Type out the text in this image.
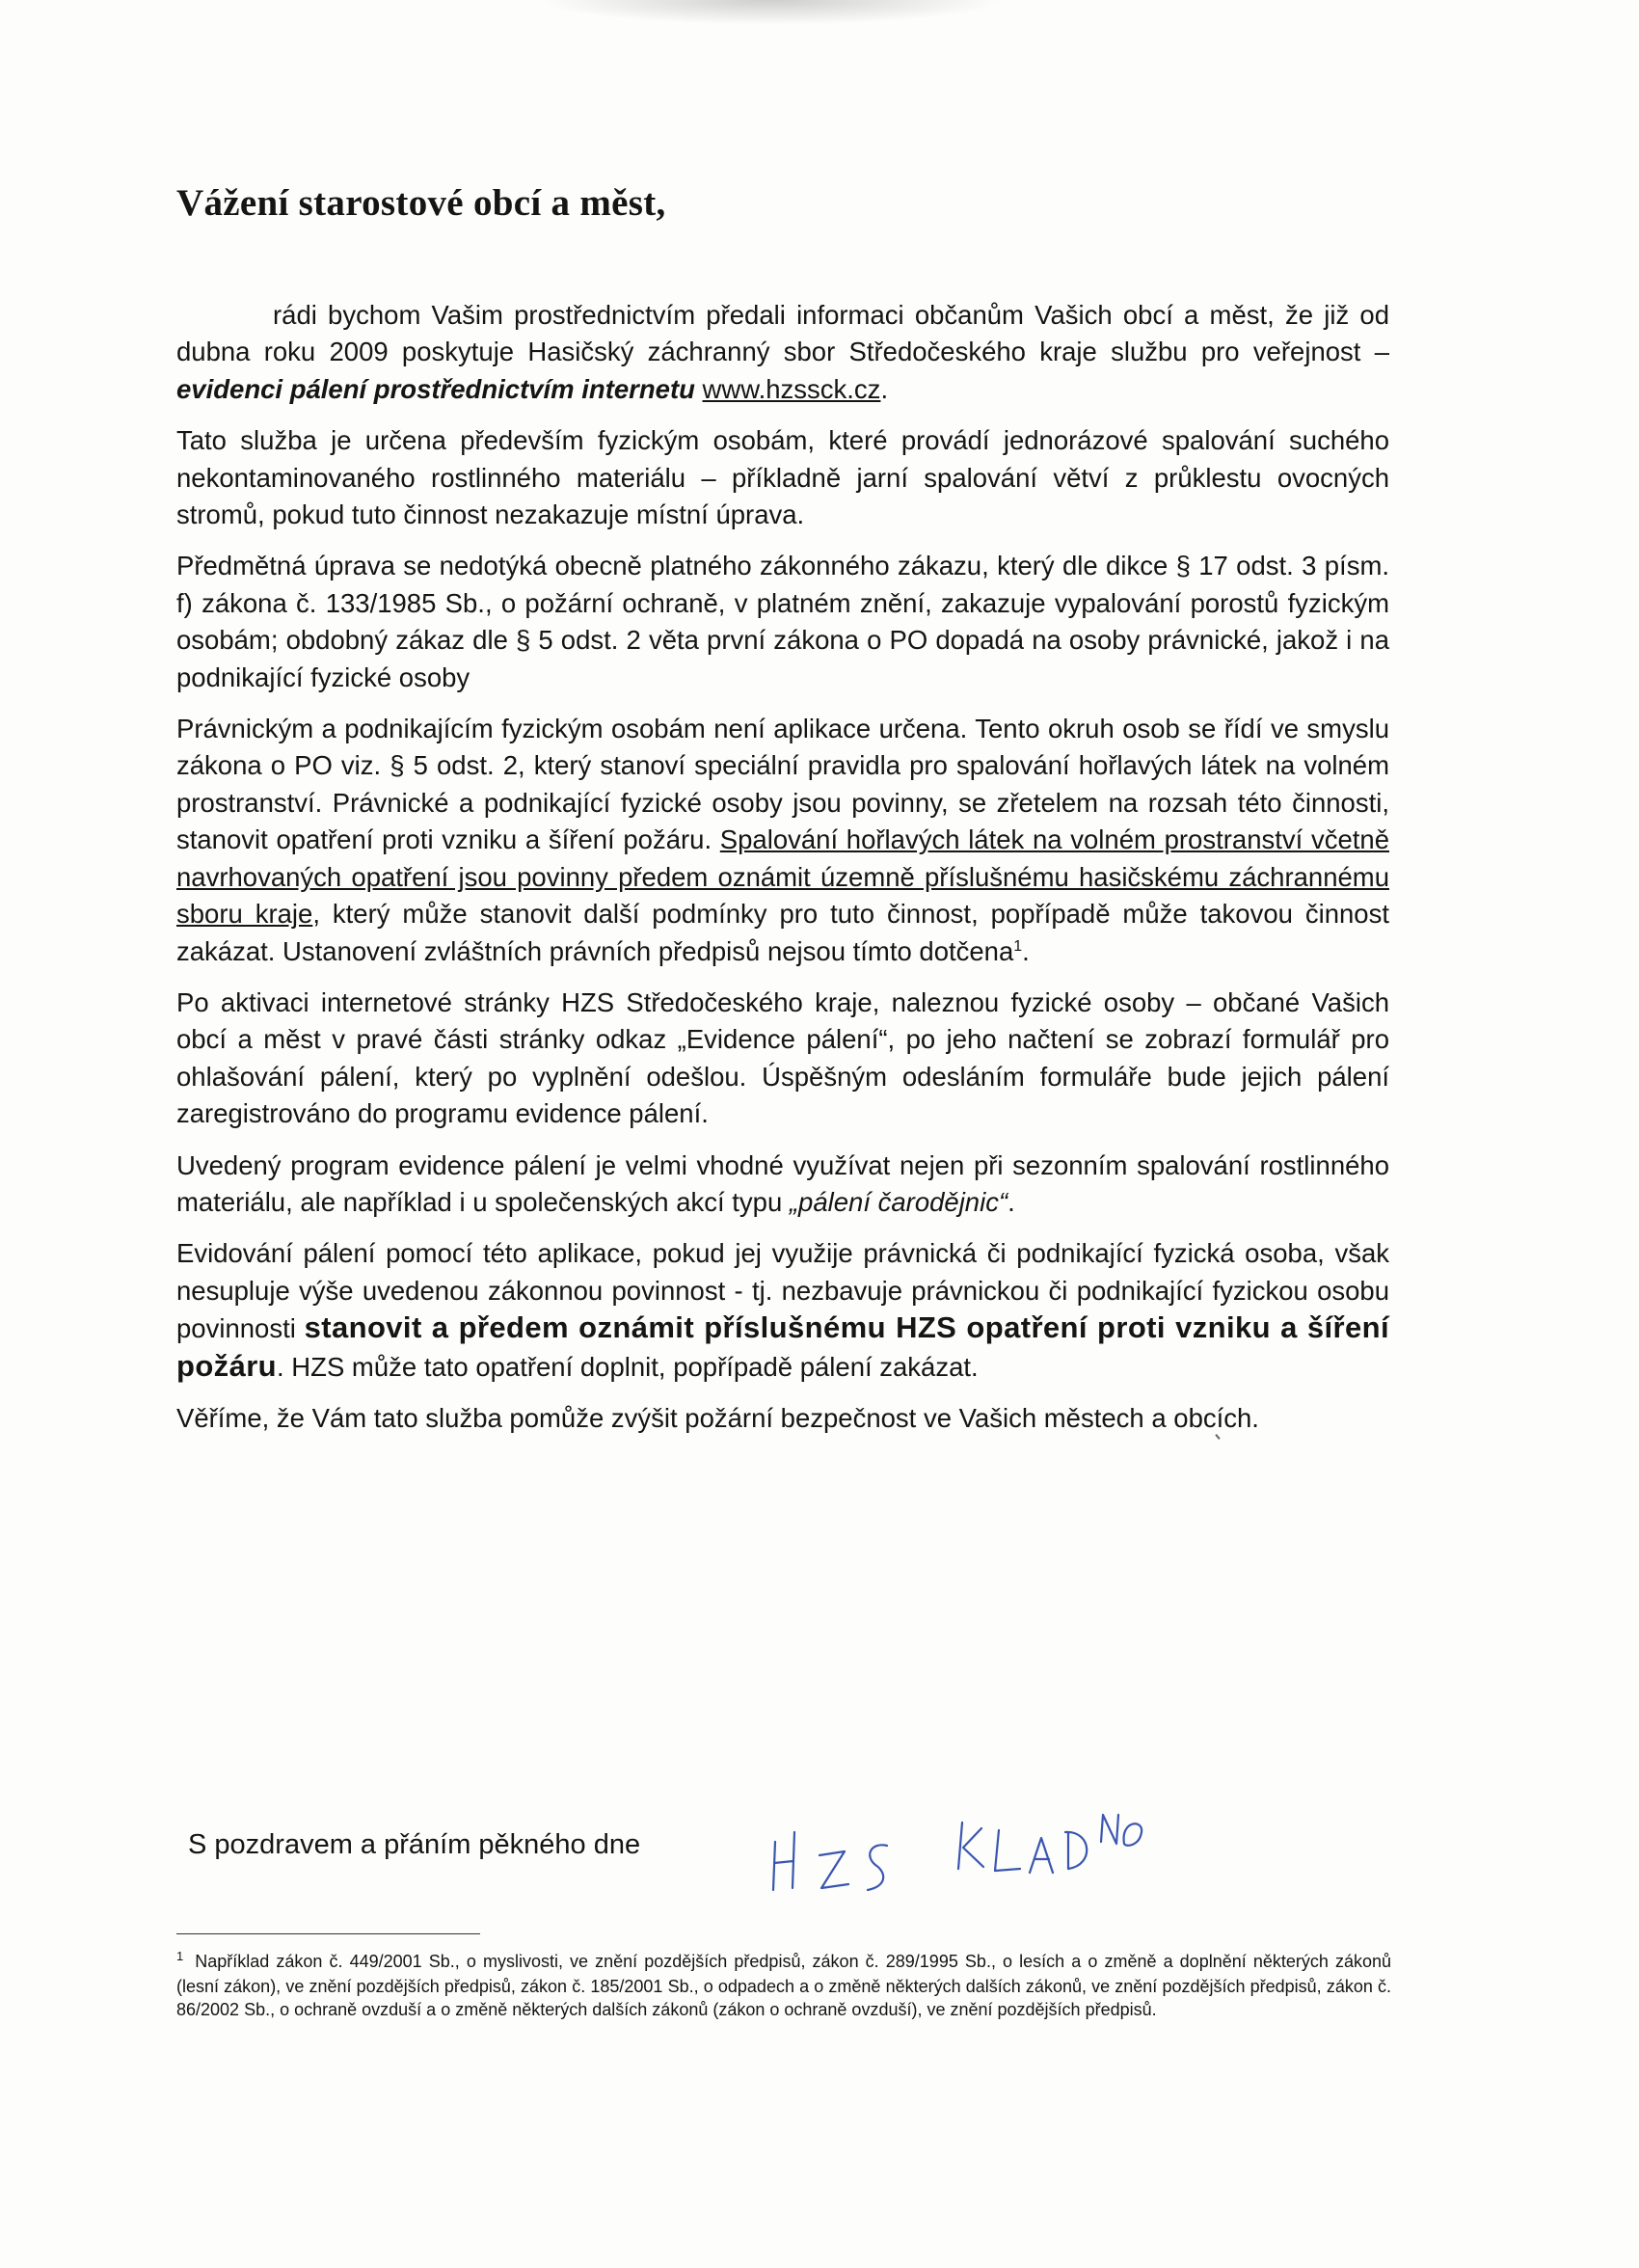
Vážení starostové obcí a měst,

rádi bychom Vašim prostřednictvím předali informaci občanům Vašich obcí a měst, že již od dubna roku 2009 poskytuje Hasičský záchranný sbor Středočeského kraje službu pro veřejnost – evidenci pálení prostřednictvím internetu www.hzssck.cz.

Tato služba je určena především fyzickým osobám, které provádí jednorázové spalování suchého nekontaminovaného rostlinného materiálu – příkladně jarní spalování větví z průklestu ovocných stromů, pokud tuto činnost nezakazuje místní úprava.

Předmětná úprava se nedotýká obecně platného zákonného zákazu, který dle dikce § 17 odst. 3 písm. f) zákona č. 133/1985 Sb., o požární ochraně, v platném znění, zakazuje vypalování porostů fyzickým osobám; obdobný zákaz dle § 5 odst. 2 věta první zákona o PO dopadá na osoby právnické, jakož i na podnikající fyzické osoby

Právnickým a podnikajícím fyzickým osobám není aplikace určena. Tento okruh osob se řídí ve smyslu zákona o PO viz. § 5 odst. 2, který stanoví speciální pravidla pro spalování hořlavých látek na volném prostranství. Právnické a podnikající fyzické osoby jsou povinny, se zřetelem na rozsah této činnosti, stanovit opatření proti vzniku a šíření požáru. Spalování hořlavých látek na volném prostranství včetně navrhovaných opatření jsou povinny předem oznámit územně příslušnému hasičskému záchrannému sboru kraje, který může stanovit další podmínky pro tuto činnost, popřípadě může takovou činnost zakázat. Ustanovení zvláštních právních předpisů nejsou tímto dotčena$^1$.

Po aktivaci internetové stránky HZS Středočeského kraje, naleznou fyzické osoby – občané Vašich obcí a měst v pravé části stránky odkaz „Evidence pálení“, po jeho načtení se zobrazí formulář pro ohlašování pálení, který po vyplnění odešlou. Úspěšným odesláním formuláře bude jejich pálení zaregistrováno do programu evidence pálení.

Uvedený program evidence pálení je velmi vhodné využívat nejen při sezonním spalování rostlinného materiálu, ale například i u společenských akcí typu „pálení čarodějnic“.

Evidování pálení pomocí této aplikace, pokud jej využije právnická či podnikající fyzická osoba, však nesupluje výše uvedenou zákonnou povinnost - tj. nezbavuje právnickou či podnikající fyzickou osobu povinnosti stanovit a předem oznámit příslušnému HZS opatření proti vzniku a šíření požáru. HZS může tato opatření doplnit, popřípadě pálení zakázat.

Věříme, že Vám tato služba pomůže zvýšit požární bezpečnost ve Vašich městech a obcích.

S pozdravem a přáním pěkného dne
$^1$ Například zákon č. 449/2001 Sb., o myslivosti, ve znění pozdějších předpisů, zákon č. 289/1995 Sb., o lesích a o změně a doplnění některých zákonů (lesní zákon), ve znění pozdějších předpisů, zákon č. 185/2001 Sb., o odpadech a o změně některých dalších zákonů, ve znění pozdějších předpisů, zákon č. 86/2002 Sb., o ochraně ovzduší a o změně některých dalších zákonů (zákon o ochraně ovzduší), ve znění pozdějších předpisů.
